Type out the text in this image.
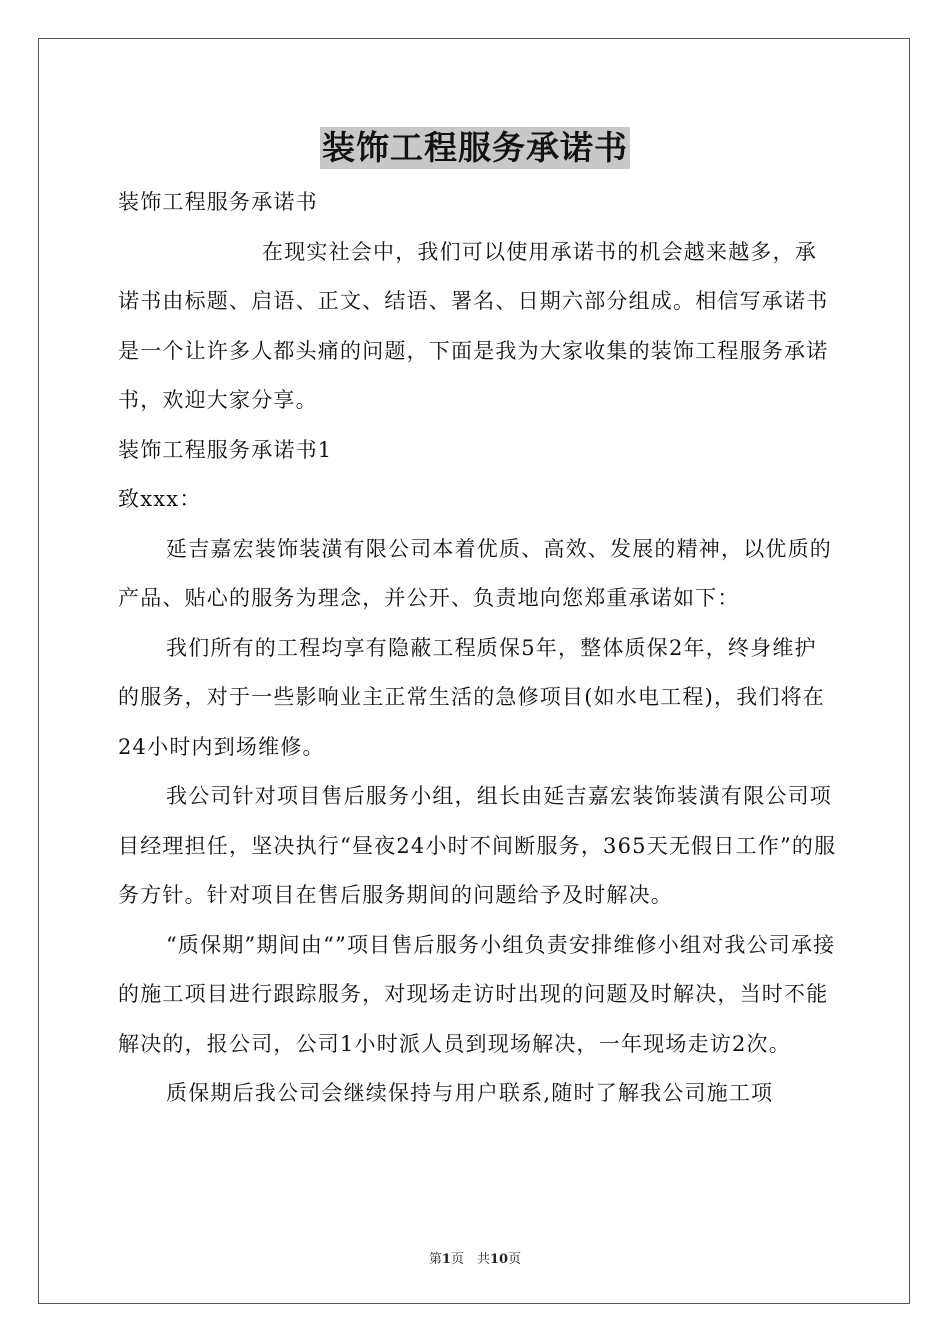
装饰工程服务承诺书

装饰工程服务承诺书

在现实社会中，我们可以使用承诺书的机会越来越多，承诺书由标题、启语、正文、结语、署名、日期六部分组成。相信写承诺书是一个让许多人都头痛的问题，下面是我为大家收集的装饰工程服务承诺书，欢迎大家分享。

装饰工程服务承诺书1

致xxx：

延吉嘉宏装饰装潢有限公司本着优质、高效、发展的精神，以优质的产品、贴心的服务为理念，并公开、负责地向您郑重承诺如下：

我们所有的工程均享有隐蔽工程质保5年，整体质保2年，终身维护的服务，对于一些影响业主正常生活的急修项目(如水电工程)，我们将在24小时内到场维修。

我公司针对项目售后服务小组，组长由延吉嘉宏装饰装潢有限公司项目经理担任，坚决执行“昼夜24小时不间断服务，365天无假日工作”的服务方针。针对项目在售后服务期间的问题给予及时解决。

“质保期”期间由“”项目售后服务小组负责安排维修小组对我公司承接的施工项目进行跟踪服务，对现场走访时出现的问题及时解决，当时不能解决的，报公司，公司1小时派人员到现场解决，一年现场走访2次。

质保期后我公司会继续保持与用户联系,随时了解我公司施工项

第1页　共10页
